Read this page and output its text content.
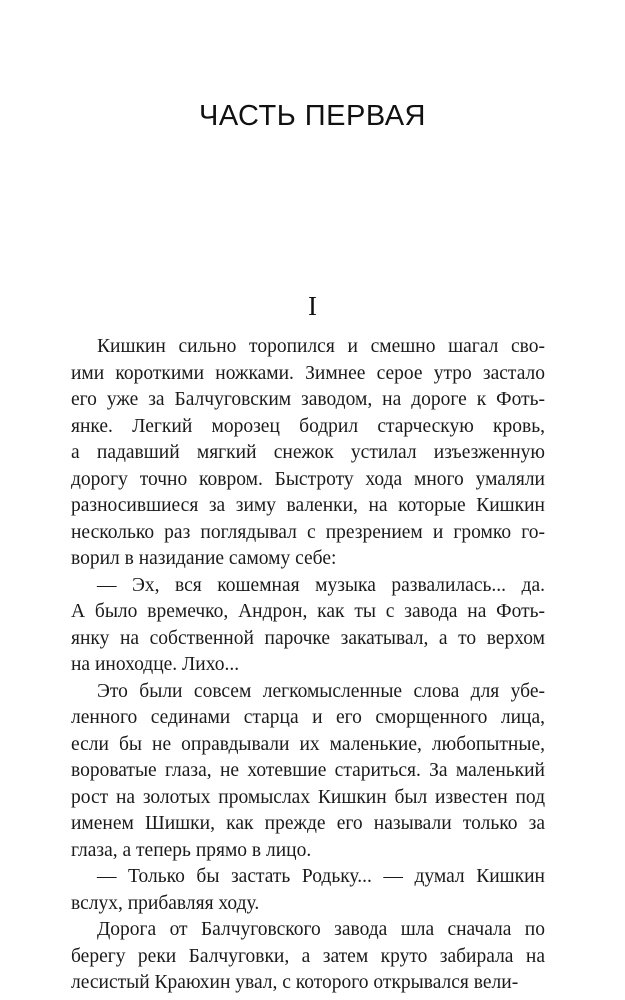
ЧАСТЬ ПЕРВАЯ
I

Кишкин сильно торопился и смешно шагал сво-
ими короткими ножками. Зимнее серое утро застало
его уже за Балчуговским заводом, на дороге к Фоть-
янке. Легкий морозец бодрил старческую кровь,
а падавший мягкий снежок устилал изъезженную
дорогу точно ковром. Быстроту хода много умаляли
разносившиеся за зиму валенки, на которые Кишкин
несколько раз поглядывал с презрением и громко го-
ворил в назидание самому себе:

— Эх, вся кошемная музыка развалилась... да.
А было времечко, Андрон, как ты с завода на Фоть-
янку на собственной парочке закатывал, а то верхом
на иноходце. Лихо...

Это были совсем легкомысленные слова для убе-
ленного сединами старца и его сморщенного лица,
если бы не оправдывали их маленькие, любопытные,
вороватые глаза, не хотевшие стариться. За маленький
рост на золотых промыслах Кишкин был известен под
именем Шишки, как прежде его называли только за
глаза, а теперь прямо в лицо.

— Только бы застать Родьку... — думал Кишкин
вслух, прибавляя ходу.

Дорога от Балчуговского завода шла сначала по
берегу реки Балчуговки, а затем круто забирала на
лесистый Краюхин увал, с которого открывался вели-
